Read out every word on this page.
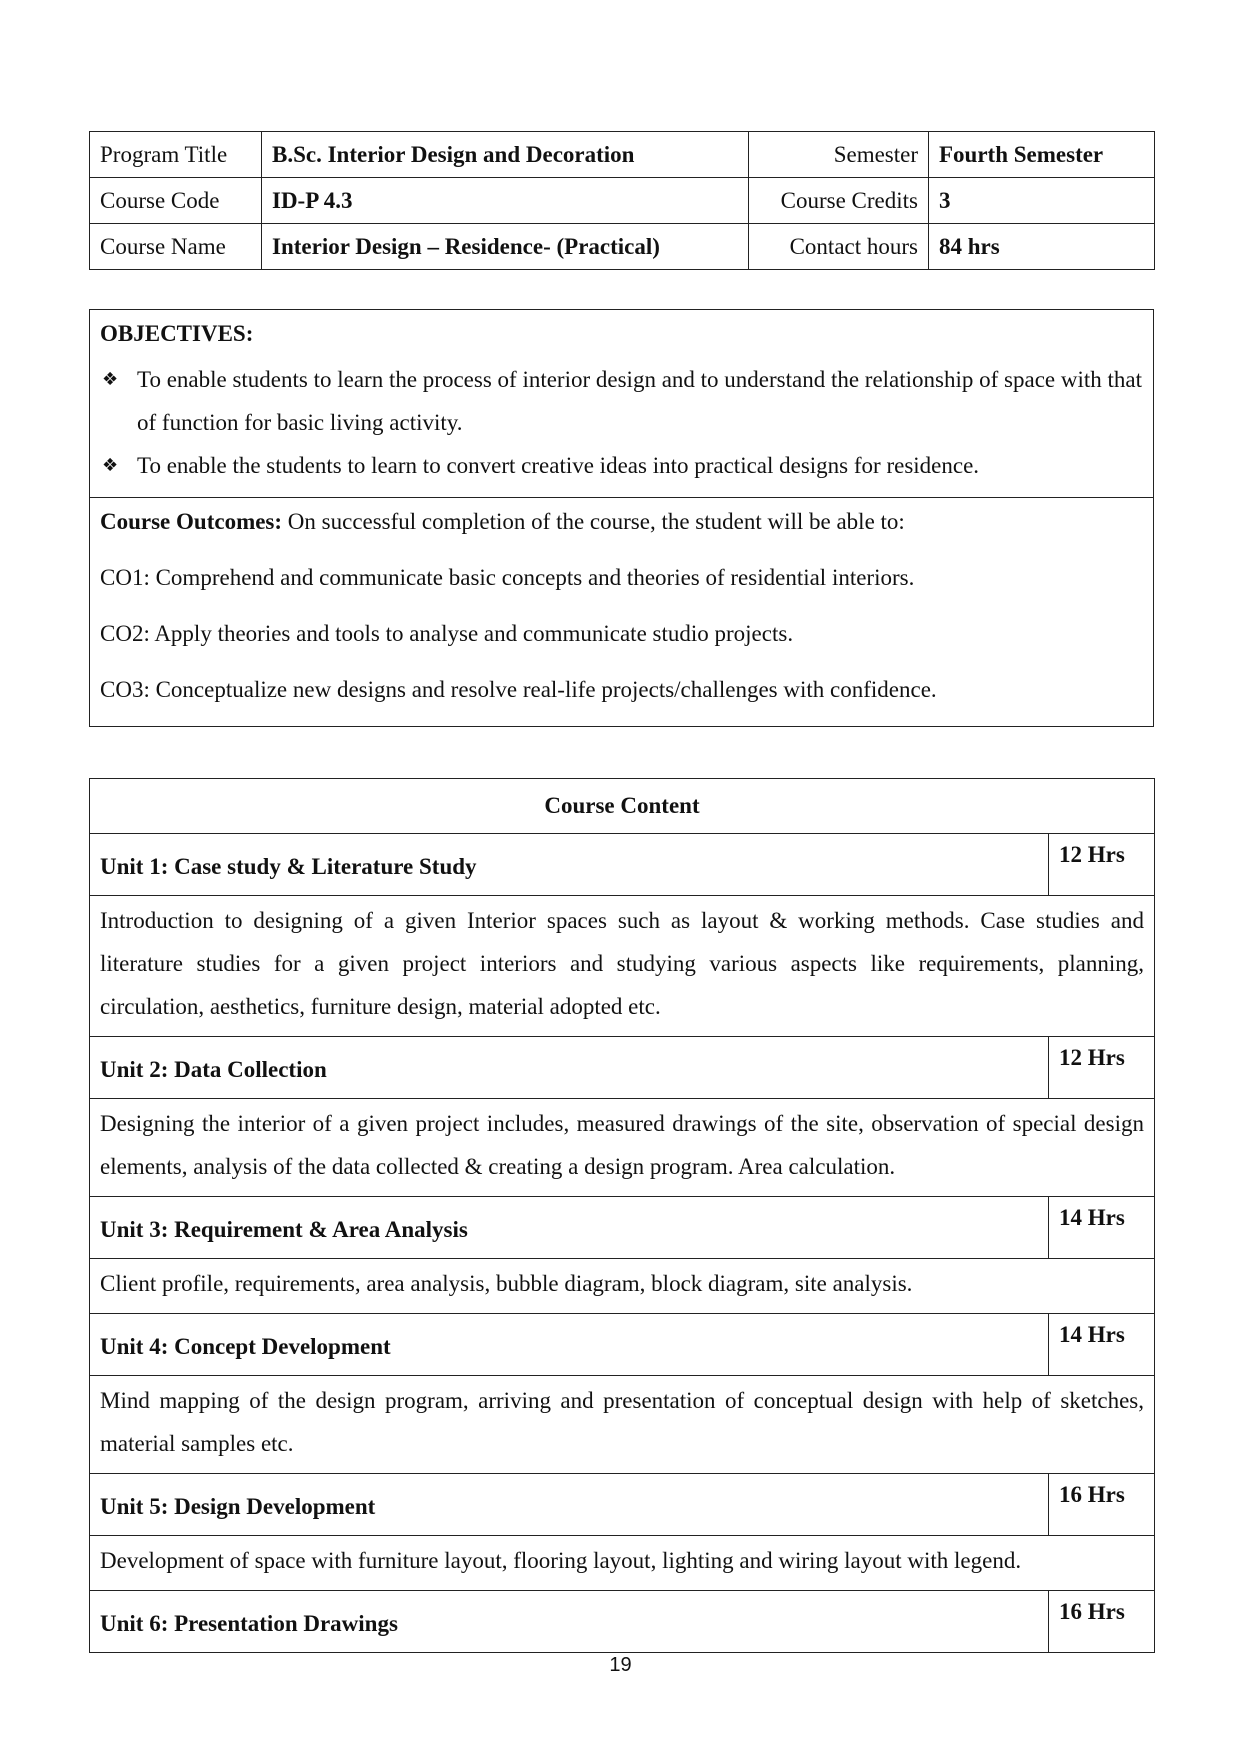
Program Title	B.Sc. Interior Design and Decoration	Semester	Fourth Semester
Course Code	ID-P 4.3	Course Credits	3
Course Name	Interior Design – Residence- (Practical)	Contact hours	84 hrs
OBJECTIVES:
❖ To enable students to learn the process of interior design and to understand the relationship of space with that of function for basic living activity.
❖ To enable the students to learn to convert creative ideas into practical designs for residence.

Course Outcomes: On successful completion of the course, the student will be able to:
CO1: Comprehend and communicate basic concepts and theories of residential interiors.
CO2: Apply theories and tools to analyse and communicate studio projects.
CO3: Conceptualize new designs and resolve real-life projects/challenges with confidence.
Course Content	
Unit 1: Case study & Literature Study	12 Hrs
Introduction to designing of a given Interior spaces such as layout & working methods. Case studies and literature studies for a given project interiors and studying various aspects like requirements, planning, circulation, aesthetics, furniture design, material adopted etc.	
Unit 2: Data Collection	12 Hrs
Designing the interior of a given project includes, measured drawings of the site, observation of special design elements, analysis of the data collected & creating a design program. Area calculation.	
Unit 3: Requirement & Area Analysis	14 Hrs
Client profile, requirements, area analysis, bubble diagram, block diagram, site analysis.	
Unit 4: Concept Development	14 Hrs
Mind mapping of the design program, arriving and presentation of conceptual design with help of sketches, material samples etc.	
Unit 5: Design Development	16 Hrs
Development of space with furniture layout, flooring layout, lighting and wiring layout with legend.	
Unit 6: Presentation Drawings	16 Hrs
19
